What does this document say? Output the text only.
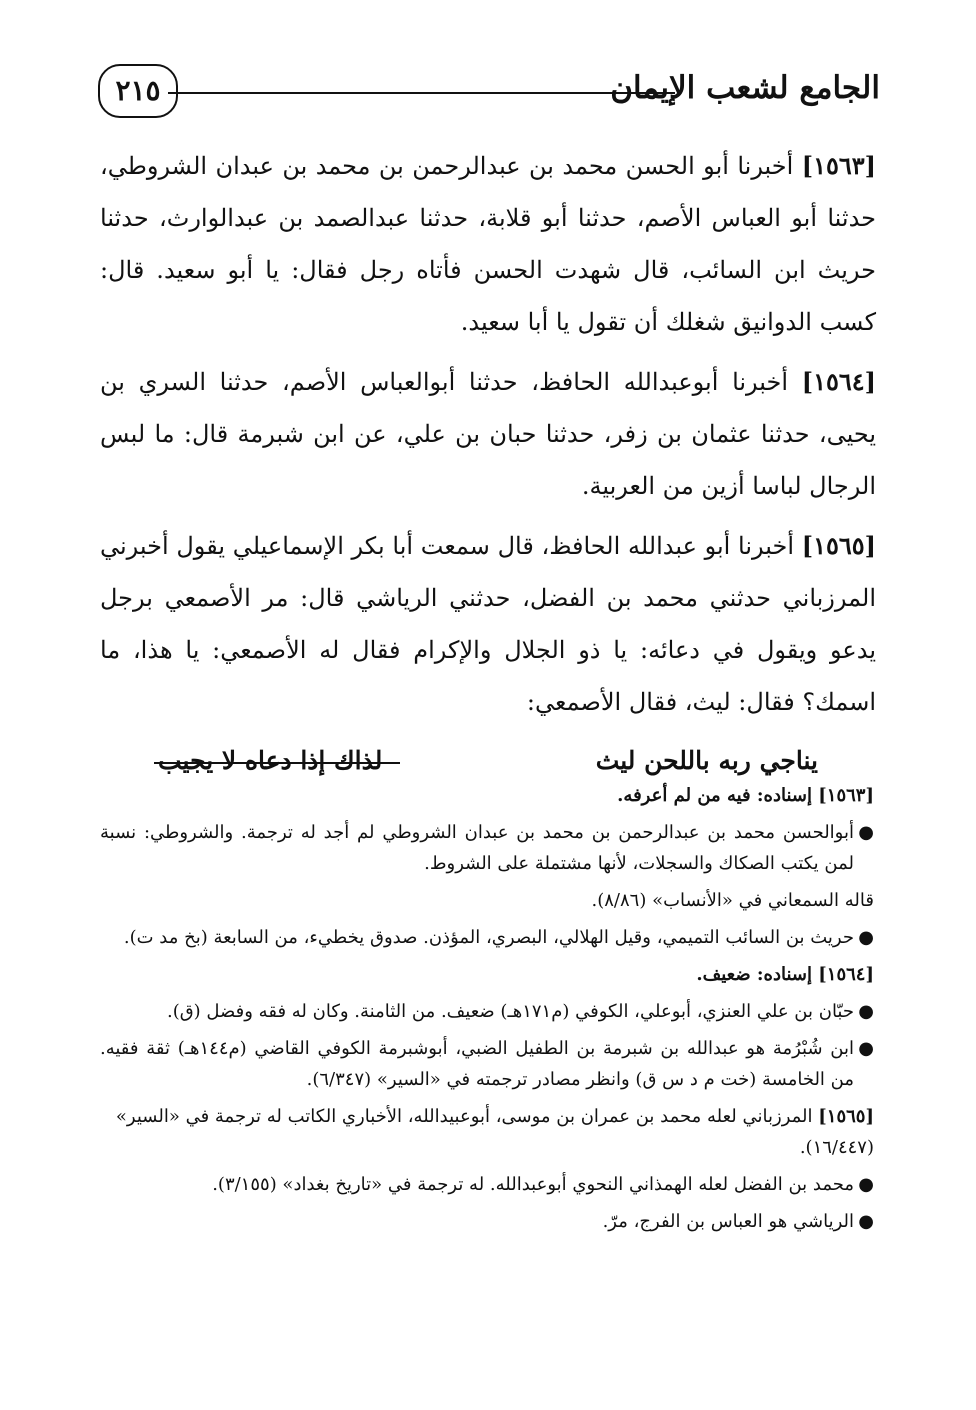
الجامع لشعب الإيمان
٢١٥

[١٥٦٣] أخبرنا أبو الحسن محمد بن عبدالرحمن بن محمد بن عبدان الشروطي، حدثنا أبو العباس الأصم، حدثنا أبو قلابة، حدثنا عبدالصمد بن عبدالوارث، حدثنا حريث ابن السائب، قال شهدت الحسن فأتاه رجل فقال: يا أبو سعيد. قال: كسب الدوانيق شغلك أن تقول يا أبا سعيد.

[١٥٦٤] أخبرنا أبوعبدالله الحافظ، حدثنا أبوالعباس الأصم، حدثنا السري بن يحيى، حدثنا عثمان بن زفر، حدثنا حبان بن علي، عن ابن شبرمة قال: ما لبس الرجال لباسا أزين من العربية.

[١٥٦٥] أخبرنا أبو عبدالله الحافظ، قال سمعت أبا بكر الإسماعيلي يقول أخبرني المرزباني حدثني محمد بن الفضل، حدثني الرياشي قال: مر الأصمعي برجل يدعو ويقول في دعائه: يا ذو الجلال والإكرام فقال له الأصمعي: يا هذا، ما اسمك؟ فقال: ليث، فقال الأصمعي:

يناجي ربه باللحن ليث
لذاك إذا دعاه لا يجيب

[١٥٦٣] إسناده: فيه من لم أعرفه.

●
أبوالحسن محمد بن عبدالرحمن بن محمد بن عبدان الشروطي لم أجد له ترجمة. والشروطي: نسبة لمن يكتب الصكاك والسجلات، لأنها مشتملة على الشروط.

قاله السمعاني في «الأنساب» (٨/٨٦).

●
حريث بن السائب التميمي، وقيل الهلالي، البصري، المؤذن. صدوق يخطيء، من السابعة (بخ مد ت).

[١٥٦٤] إسناده: ضعيف.

●
حبّان بن علي العنزي، أبوعلي، الكوفي (م١٧١هـ) ضعيف. من الثامنة. وكان له فقه وفضل (ق).
●
ابن شُبْرُمة هو عبدالله بن شبرمة بن الطفيل الضبي، أبوشبرمة الكوفي القاضي (م١٤٤هـ) ثقة فقيه. من الخامسة (خت م د س ق) وانظر مصادر ترجمته في «السير» (٦/٣٤٧).

[١٥٦٥] المرزباني لعله محمد بن عمران بن موسى، أبوعبيدالله، الأخباري الكاتب له ترجمة في «السير» (١٦/٤٤٧).

●
محمد بن الفضل لعله الهمذاني النحوي أبوعبدالله. له ترجمة في «تاريخ بغداد» (٣/١٥٥).
●
الرياشي هو العباس بن الفرج، مرّ.
